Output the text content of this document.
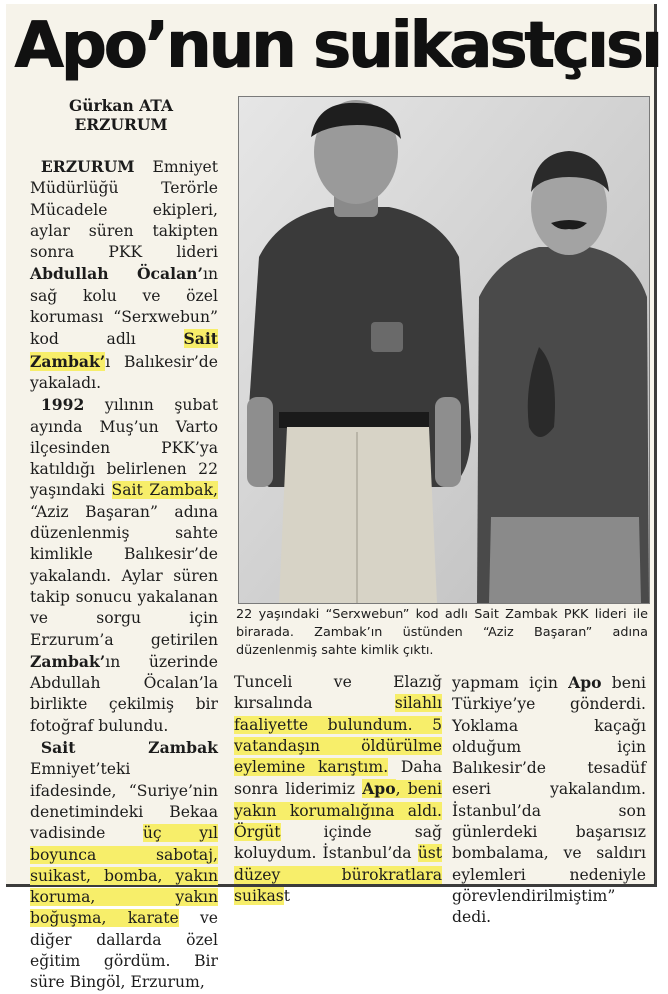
Apo’nun suikastçısı
Gürkan ATA
ERZURUM

ERZURUM Emniyet Müdürlüğü Terörle Mücadele ekipleri, aylar süren takipten sonra PKK lideri Abdullah Öcalan’ın sağ kolu ve özel koruması “Serxwebun” kod adlı Sait Zambak’ı Balıkesir’de yakaladı.

1992 yılının şubat ayında Muş’un Varto ilçesinden PKK’ya katıldığı belirlenen 22 yaşındaki Sait Zambak, “Aziz Başaran” adına düzenlenmiş sahte kimlikle Balıkesir’de yakalandı. Aylar süren takip sonucu yakalanan ve sorgu için Erzurum’a getirilen Zambak’ın üzerinde Abdullah Öcalan’la birlikte çekilmiş bir fotoğraf bulundu.

Sait Zambak Emniyet’teki ifadesinde, “Suriye’nin denetimindeki Bekaa vadisinde üç yıl boyunca sabotaj, suikast, bomba, yakın koruma, yakın boğuşma, karate ve diğer dallarda özel eğitim gördüm. Bir süre Bingöl, Erzurum,

22 yaşındaki “Serxwebun” kod adlı Sait Zambak PKK lideri ile birarada. Zambak’ın üstünden “Aziz Başaran” adına düzenlenmiş sahte kimlik çıktı.

Tunceli ve Elazığ kırsalında silahlı faaliyette bulundum. 5 vatandaşın öldürülme eylemine karıştım. Daha sonra liderimiz Apo, beni yakın korumalığına aldı. Örgüt içinde sağ koluydum. İstanbul’da üst düzey bürokratlara suikast

yapmam için Apo beni Türkiye’ye gönderdi. Yoklama kaçağı olduğum için Balıkesir’de tesadüf eseri yakalandım. İstanbul’da son günlerdeki başarısız bombalama, ve saldırı eylemleri nedeniyle görevlendirilmiştim” dedi.
